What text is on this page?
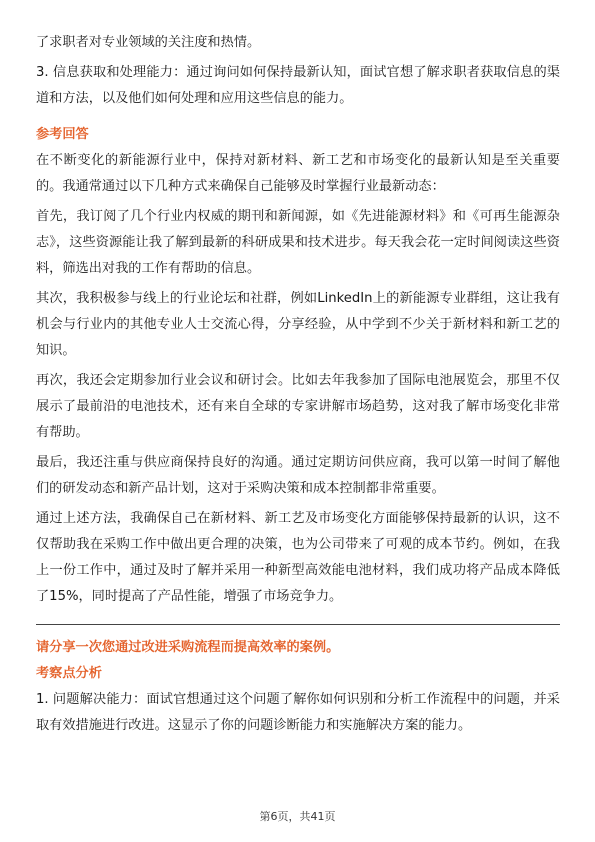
了求职者对专业领域的关注度和热情。

3. 信息获取和处理能力：通过询问如何保持最新认知，面试官想了解求职者获取信息的渠道和方法，以及他们如何处理和应用这些信息的能力。

参考回答

在不断变化的新能源行业中，保持对新材料、新工艺和市场变化的最新认知是至关重要的。我通常通过以下几种方式来确保自己能够及时掌握行业最新动态：

首先，我订阅了几个行业内权威的期刊和新闻源，如《先进能源材料》和《可再生能源杂志》，这些资源能让我了解到最新的科研成果和技术进步。每天我会花一定时间阅读这些资料，筛选出对我的工作有帮助的信息。

其次，我积极参与线上的行业论坛和社群，例如LinkedIn上的新能源专业群组，这让我有机会与行业内的其他专业人士交流心得，分享经验，从中学到不少关于新材料和新工艺的知识。

再次，我还会定期参加行业会议和研讨会。比如去年我参加了国际电池展览会，那里不仅展示了最前沿的电池技术，还有来自全球的专家讲解市场趋势，这对我了解市场变化非常有帮助。

最后，我还注重与供应商保持良好的沟通。通过定期访问供应商，我可以第一时间了解他们的研发动态和新产品计划，这对于采购决策和成本控制都非常重要。

通过上述方法，我确保自己在新材料、新工艺及市场变化方面能够保持最新的认识，这不仅帮助我在采购工作中做出更合理的决策，也为公司带来了可观的成本节约。例如，在我上一份工作中，通过及时了解并采用一种新型高效能电池材料，我们成功将产品成本降低了15%，同时提高了产品性能，增强了市场竞争力。

请分享一次您通过改进采购流程而提高效率的案例。

考察点分析

1. 问题解决能力：面试官想通过这个问题了解你如何识别和分析工作流程中的问题，并采取有效措施进行改进。这显示了你的问题诊断能力和实施解决方案的能力。

第6页，共41页
